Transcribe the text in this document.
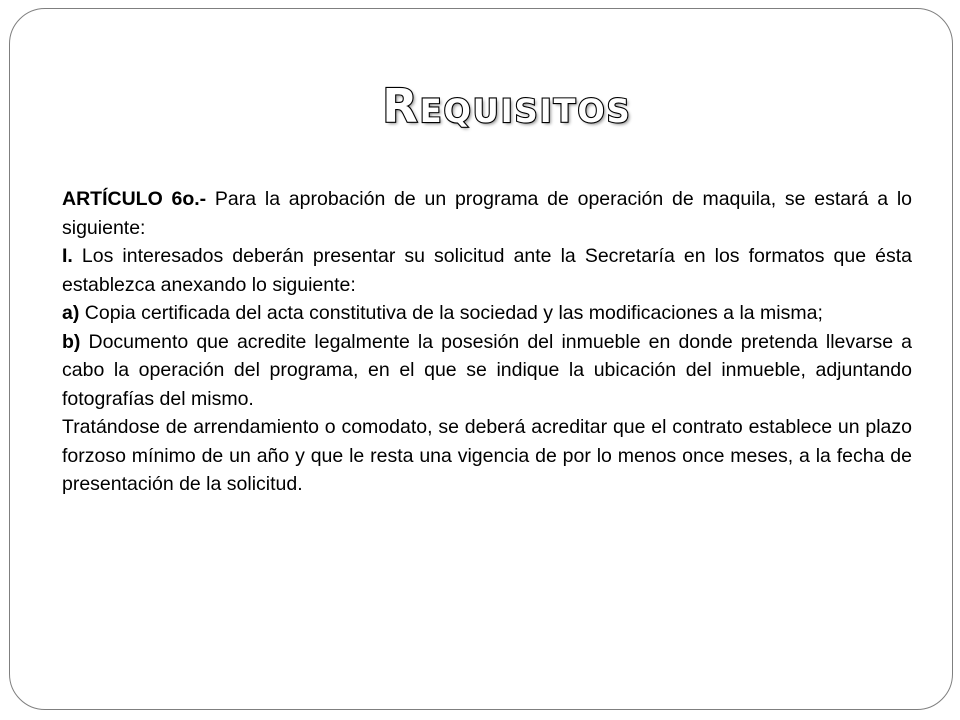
Requisitos

ARTÍCULO 6o.- Para la aprobación de un programa de operación de maquila, se estará a lo siguiente:

I. Los interesados deberán presentar su solicitud ante la Secretaría en los formatos que ésta establezca anexando lo siguiente:

a) Copia certificada del acta constitutiva de la sociedad y las modificaciones a la misma;

b) Documento que acredite legalmente la posesión del inmueble en donde pretenda llevarse a cabo la operación del programa, en el que se indique la ubicación del inmueble, adjuntando fotografías del mismo.

Tratándose de arrendamiento o comodato, se deberá acreditar que el contrato establece un plazo forzoso mínimo de un año y que le resta una vigencia de por lo menos once meses, a la fecha de presentación de la solicitud.
